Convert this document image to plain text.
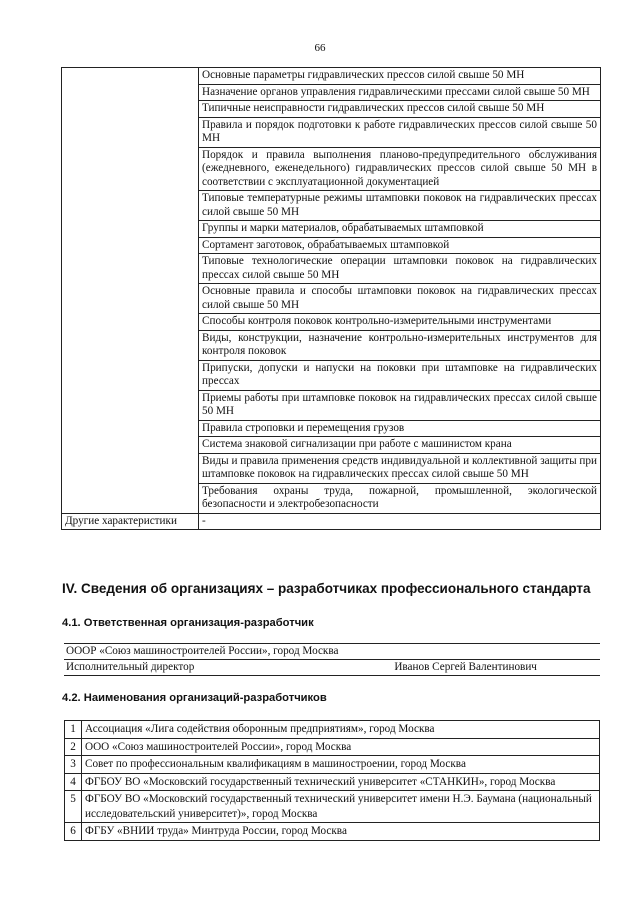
66
	Основные параметры гидравлических прессов силой свыше 50 МН
	Назначение органов управления гидравлическими прессами силой свыше 50 МН
	Типичные неисправности гидравлических прессов силой свыше 50 МН
	Правила и порядок подготовки к работе гидравлических прессов силой свыше 50 МН
	Порядок и правила выполнения планово-предупредительного обслуживания (ежедневного, еженедельного) гидравлических прессов силой свыше 50 МН в соответствии с эксплуатационной документацией
	Типовые температурные режимы штамповки поковок на гидравлических прессах силой свыше 50 МН
	Группы и марки материалов, обрабатываемых штамповкой
	Сортамент заготовок, обрабатываемых штамповкой
	Типовые технологические операции штамповки поковок на гидравлических прессах силой свыше 50 МН
	Основные правила и способы штамповки поковок на гидравлических прессах силой свыше 50 МН
	Способы контроля поковок контрольно-измерительными инструментами
	Виды, конструкции, назначение контрольно-измерительных инструментов для контроля поковок
	Припуски, допуски и напуски на поковки при штамповке на гидравлических прессах
	Приемы работы при штамповке поковок на гидравлических прессах силой свыше 50 МН
	Правила строповки и перемещения грузов
	Система знаковой сигнализации при работе с машинистом крана
	Виды и правила применения средств индивидуальной и коллективной защиты при штамповке поковок на гидравлических прессах силой свыше 50 МН
	Требования охраны труда, пожарной, промышленной, экологической безопасности и электробезопасности
Другие характеристики	-
IV. Сведения об организациях – разработчиках профессионального стандарта
4.1. Ответственная организация-разработчик
ОООР «Союз машиностроителей России», город Москва
Исполнительный директор	Иванов Сергей Валентинович
4.2. Наименования организаций-разработчиков
1	Ассоциация «Лига содействия оборонным предприятиям», город Москва
2	ООО «Союз машиностроителей России», город Москва
3	Совет по профессиональным квалификациям в машиностроении, город Москва
4	ФГБОУ ВО «Московский государственный технический университет «СТАНКИН», город Москва
5	ФГБОУ ВО «Московский государственный технический университет имени Н.Э. Баумана (национальный исследовательский университет)», город Москва
6	ФГБУ «ВНИИ труда» Минтруда России, город Москва
